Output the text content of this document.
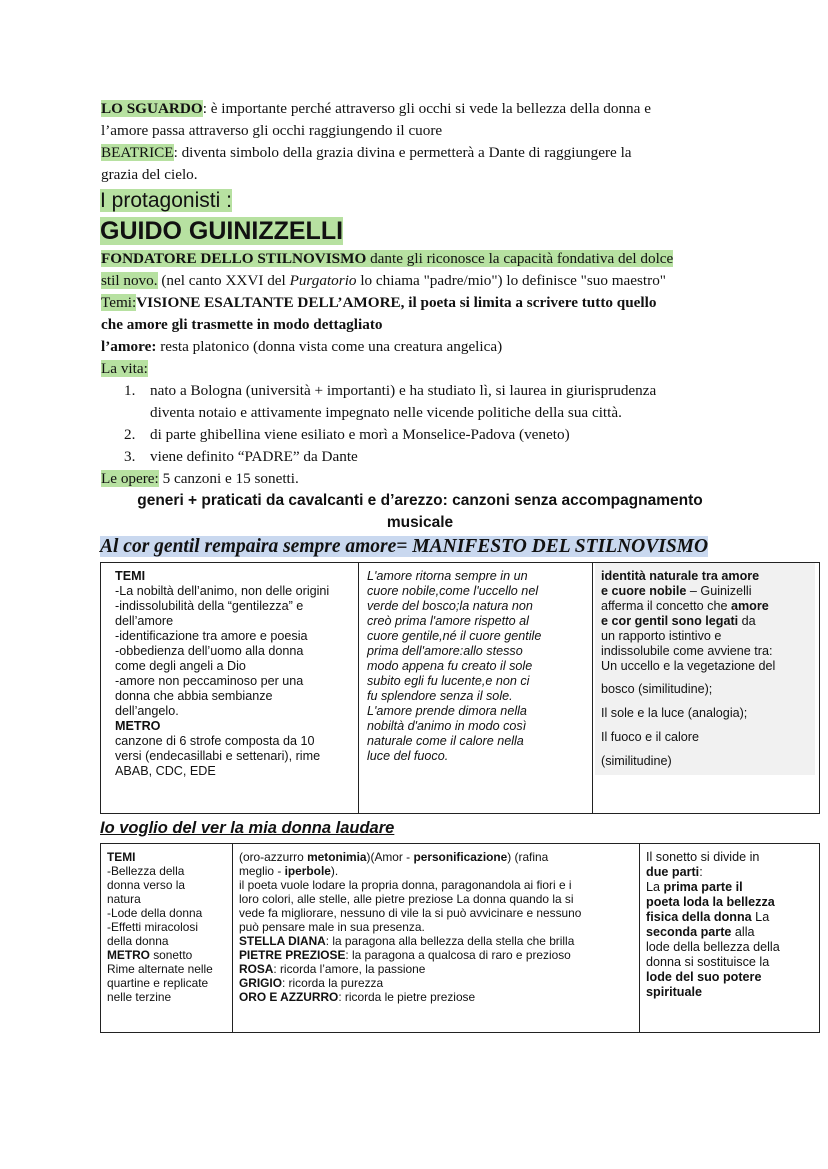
LO SGUARDO: è importante perché attraverso gli occhi si vede la bellezza della donna e
l’amore passa attraverso gli occhi raggiungendo il cuore
BEATRICE: diventa simbolo della grazia divina e permetterà a Dante di raggiungere la
grazia del cielo.
I protagonisti :
GUIDO GUINIZZELLI
FONDATORE DELLO STILNOVISMO dante gli riconosce la capacità fondativa del dolce
stil novo. (nel canto XXVI del Purgatorio lo chiama "padre/mio") lo definisce "suo maestro"
Temi:VISIONE ESALTANTE DELL’AMORE, il poeta si limita a scrivere tutto quello
che amore gli trasmette in modo dettagliato
l’amore: resta platonico (donna vista come una creatura angelica)
La vita:
1. nato a Bologna (università + importanti) e ha studiato lì, si laurea in giurisprudenza
diventa notaio e attivamente impegnato nelle vicende politiche della sua città.
2. di parte ghibellina viene esiliato e morì a Monselice-Padova (veneto)
3. viene definito “PADRE” da Dante
Le opere: 5 canzoni e 15 sonetti.
generi + praticati da cavalcanti e d’arezzo: canzoni senza accompagnamento
musicale
Al cor gentil rempaira sempre amore= MANIFESTO DEL STILNOVISMO
TEMI
-La nobiltà dell’animo, non delle origini
-indissolubilità della “gentilezza” e
dell’amore
-identificazione tra amore e poesia
-obbedienza dell’uomo alla donna
come degli angeli a Dio
-amore non peccaminoso per una
donna che abbia sembianze
dell’angelo.
METRO
canzone di 6 strofe composta da 10
versi (endecasillabi e settenari), rime
ABAB, CDC, EDE

L'amore ritorna sempre in un
cuore nobile,come l'uccello nel
verde del bosco;la natura non
creò prima l'amore rispetto al
cuore gentile,né il cuore gentile
prima dell'amore:allo stesso
modo appena fu creato il sole
subito egli fu lucente,e non ci
fu splendore senza il sole.
L'amore prende dimora nella
nobiltà d'animo in modo così
naturale come il calore nella
luce del fuoco.

identità naturale tra amore
e cuore nobile – Guinizelli
afferma il concetto che amore
e cor gentil sono legati da
un rapporto istintivo e
indissolubile come avviene tra:
Un uccello e la vegetazione del
bosco (similitudine);
Il sole e la luce (analogia);
Il fuoco e il calore
(similitudine)
Io voglio del ver la mia donna laudare
TEMI
-Bellezza della
donna verso la
natura
-Lode della donna
-Effetti miracolosi
della donna
METRO sonetto
Rime alternate nelle
quartine e replicate
nelle terzine

(oro-azzurro metonimia)(Amor - personificazione) (rafina
meglio - iperbole).
il poeta vuole lodare la propria donna, paragonandola ai fiori e i
loro colori, alle stelle, alle pietre preziose La donna quando la si
vede fa migliorare, nessuno di vile la si può avvicinare e nessuno
può pensare male in sua presenza.
STELLA DIANA: la paragona alla bellezza della stella che brilla
PIETRE PREZIOSE: la paragona a qualcosa di raro e prezioso
ROSA: ricorda l’amore, la passione
GRIGIO: ricorda la purezza
ORO E AZZURRO: ricorda le pietre preziose

Il sonetto si divide in
due parti:
La prima parte il
poeta loda la bellezza
fisica della donna La
seconda parte alla
lode della bellezza della
donna si sostituisce la
lode del suo potere
spirituale
